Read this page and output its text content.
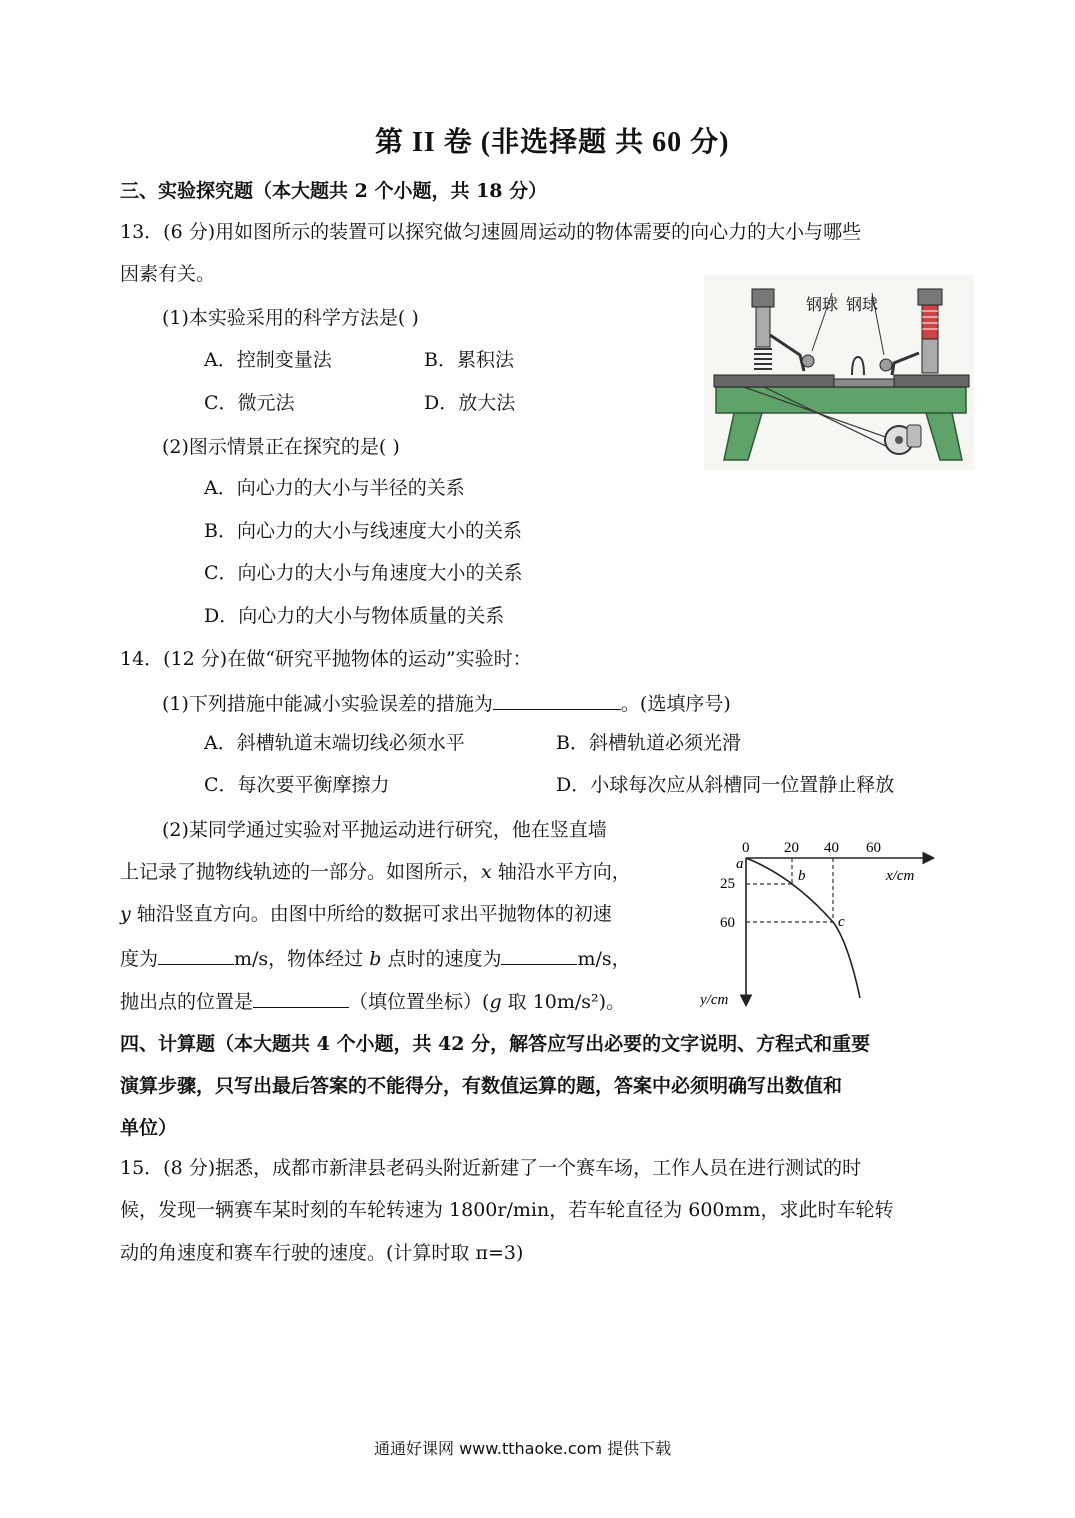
第 II 卷 (非选择题 共 60 分)
三、实验探究题（本大题共 2 个小题，共 18 分）
13．(6 分)用如图所示的装置可以探究做匀速圆周运动的物体需要的向心力的大小与哪些
因素有关。
(1)本实验采用的科学方法是( )
A．控制变量法	B．累积法
C．微元法	D．放大法
(2)图示情景正在探究的是( )
A．向心力的大小与半径的关系
B．向心力的大小与线速度大小的关系
C．向心力的大小与角速度大小的关系
D．向心力的大小与物体质量的关系
钢球 钢球
14．(12 分)在做“研究平抛物体的运动”实验时：
(1)下列措施中能减小实验误差的措施为	。(选填序号)
A．斜槽轨道末端切线必须水平	B．斜槽轨道必须光滑
C．每次要平衡摩擦力	D．小球每次应从斜槽同一位置静止释放
(2)某同学通过实验对平抛运动进行研究，他在竖直墙
上记录了抛物线轨迹的一部分。如图所示，x 轴沿水平方向，
y 轴沿竖直方向。由图中所给的数据可求出平抛物体的初速
度为	m/s，物体经过 b 点时的速度为	m/s，
抛出点的位置是	（填位置坐标）(g 取 10m/s²)。
0 20 40 60
25
60
x/cm
y/cm
a
b
c
四、计算题（本大题共 4 个小题，共 42 分，解答应写出必要的文字说明、方程式和重要
演算步骤，只写出最后答案的不能得分，有数值运算的题，答案中必须明确写出数值和
单位）
15．(8 分)据悉，成都市新津县老码头附近新建了一个赛车场，工作人员在进行测试的时
候，发现一辆赛车某时刻的车轮转速为 1800r/min，若车轮直径为 600mm，求此时车轮转
动的角速度和赛车行驶的速度。(计算时取 π=3)
通通好课网 www.tthaoke.com 提供下载
